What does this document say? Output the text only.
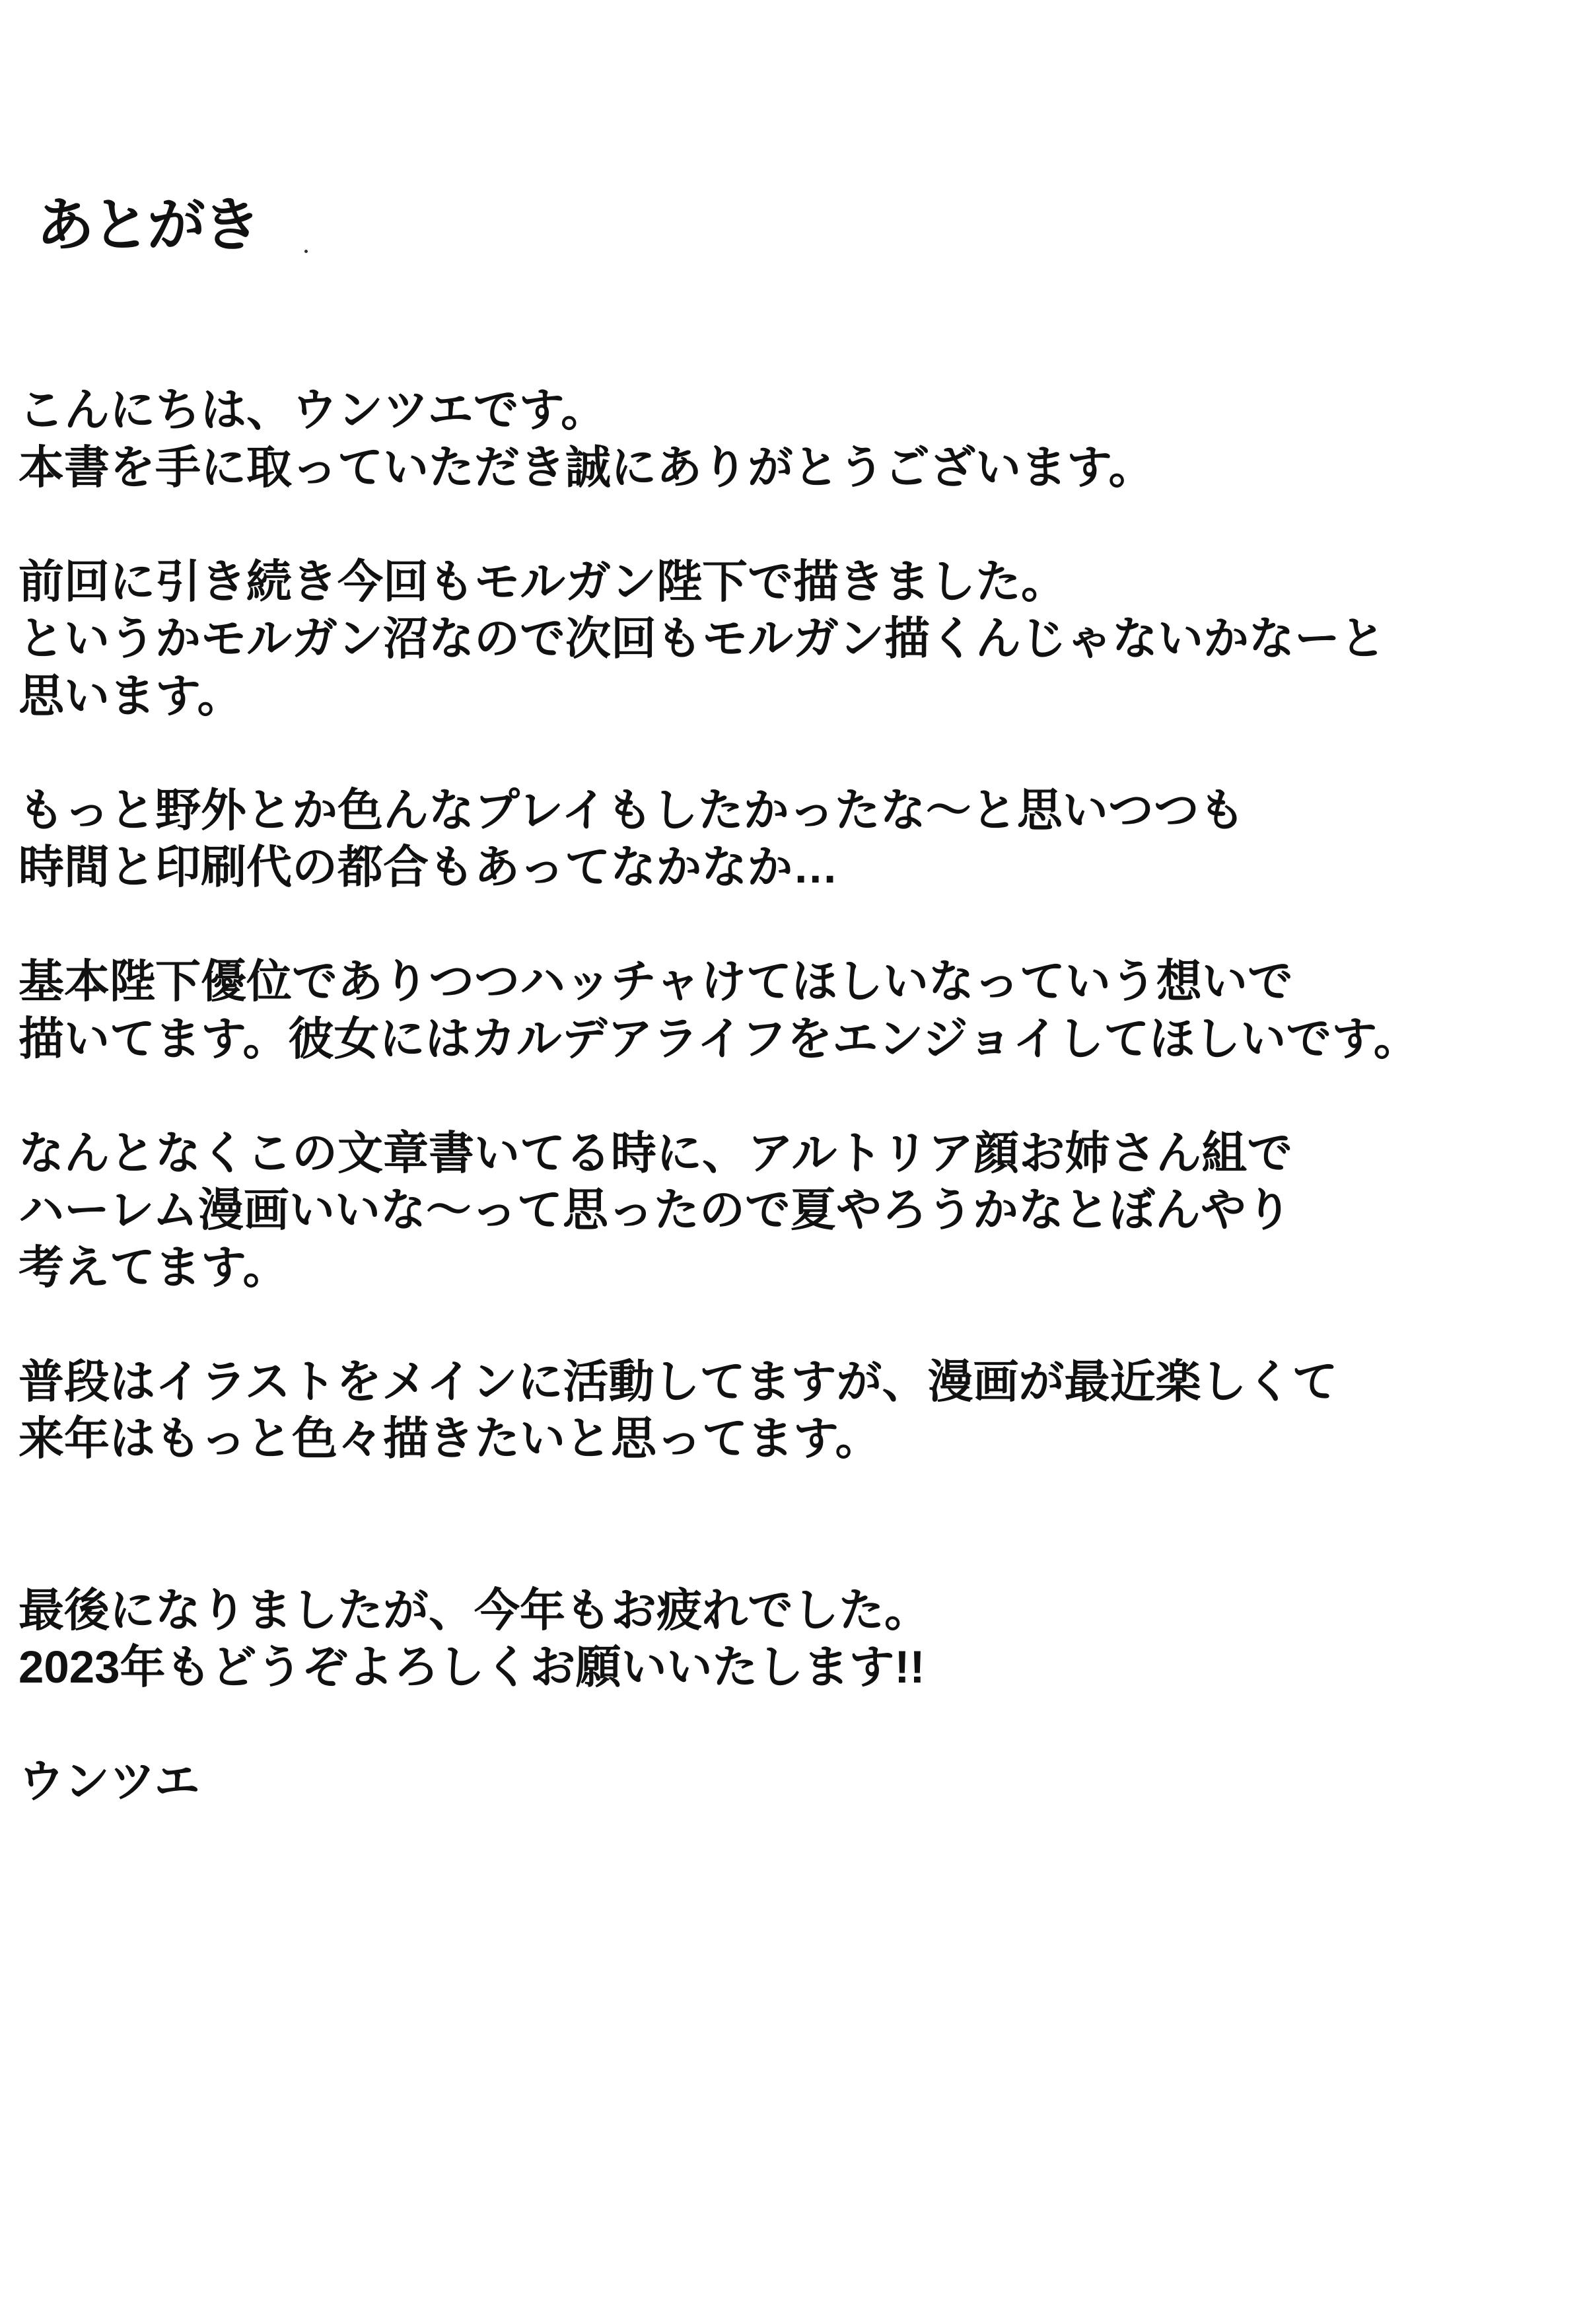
あとがき
こんにちは、ウンツエです。
本書を手に取っていただき誠にありがとうございます。
前回に引き続き今回もモルガン陛下で描きました。
というかモルガン沼なので次回もモルガン描くんじゃないかなーと
思います。
もっと野外とか色んなプレイもしたかったな～と思いつつも
時間と印刷代の都合もあってなかなか…
基本陛下優位でありつつハッチャけてほしいなっていう想いで
描いてます。彼女にはカルデアライフをエンジョイしてほしいです。
なんとなくこの文章書いてる時に、アルトリア顔お姉さん組で
ハーレム漫画いいな～って思ったので夏やろうかなとぼんやり
考えてます。
普段はイラストをメインに活動してますが、漫画が最近楽しくて
来年はもっと色々描きたいと思ってます。
最後になりましたが、今年もお疲れでした。
2023年もどうぞよろしくお願いいたします!!
ウンツエ
